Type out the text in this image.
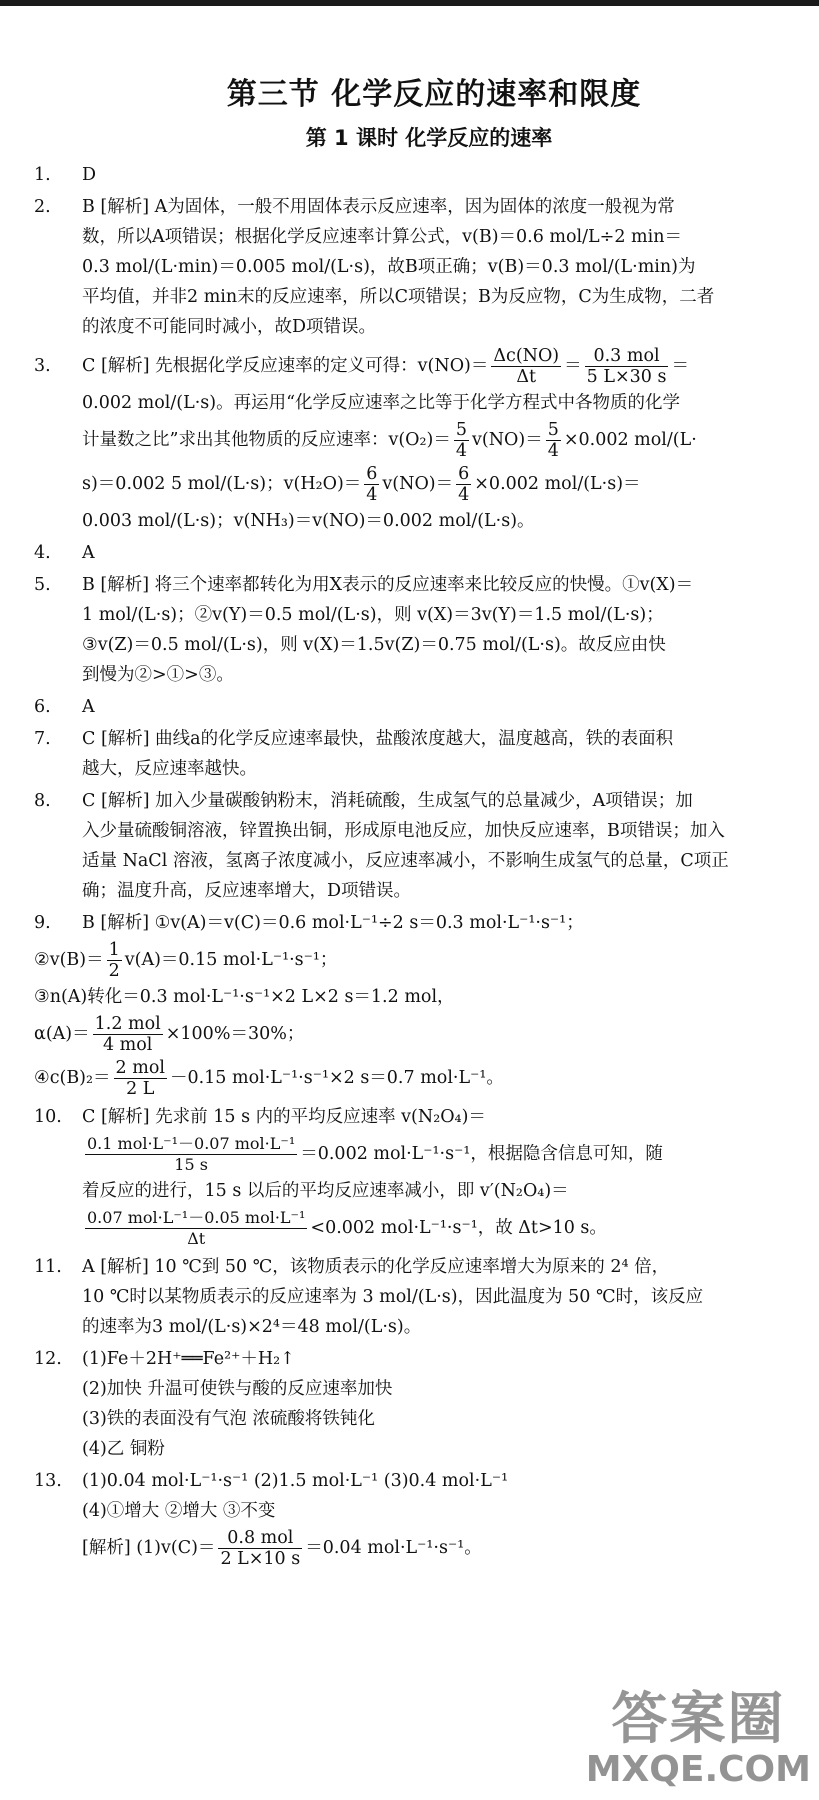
第三节 化学反应的速率和限度
第 1 课时 化学反应的速率
1.	D
2.	B [解析] A为固体，一般不用固体表示反应速率，因为固体的浓度一般视为常
数，所以A项错误；根据化学反应速率计算公式，v(B)＝0.6 mol/L÷2 min＝
0.3 mol/(L·min)＝0.005 mol/(L·s)，故B项正确；v(B)＝0.3 mol/(L·min)为
平均值，并非2 min末的反应速率，所以C项错误；B为反应物，C为生成物，二者
的浓度不可能同时减小，故D项错误。
3.	C [解析] 先根据化学反应速率的定义可得：$v(NO)= \frac{\Delta c(NO)}{\Delta t} = \frac{\text{0.3 mol}}{5 L\times 30 s}$ ＝
0.002 mol/(L·s)。再运用“化学反应速率之比等于化学方程式中各物质的化学
计量数之比”求出其他物质的反应速率：$v(O_2)= \frac{5}{4} v(NO)= \frac{5}{4} \times 0.002$ mol/(L·
s)＝0.002 5 mol/(L·s)；$v(H_2O)= \frac{6}{4} v(NO)= \frac{6}{4} \times 0.002$ mol/(L·s)＝
0.003 mol/(L·s)；v(NH₃)＝v(NO)＝0.002 mol/(L·s)。
4.	A
5.	B [解析] 将三个速率都转化为用X表示的反应速率来比较反应的快慢。①v(X)＝
1 mol/(L·s)；②v(Y)＝0.5 mol/(L·s)，则 v(X)＝3v(Y)＝1.5 mol/(L·s)；
③v(Z)＝0.5 mol/(L·s)，则 v(X)＝1.5v(Z)＝0.75 mol/(L·s)。故反应由快
到慢为②>①>③。
6.	A
7.	C [解析] 曲线a的化学反应速率最快，盐酸浓度越大，温度越高，铁的表面积
越大，反应速率越快。
8.	C [解析] 加入少量碳酸钠粉末，消耗硫酸，生成氢气的总量减少，A项错误；加
入少量硫酸铜溶液，锌置换出铜，形成原电池反应，加快反应速率，B项错误；加入
适量 NaCl 溶液，氢离子浓度减小，反应速率减小，不影响生成氢气的总量，C项正
确；温度升高，反应速率增大，D项错误。
9.	B [解析] ①v(A)＝v(C)＝0.6 mol·L⁻¹÷2 s＝0.3 mol·L⁻¹·s⁻¹；
②v(B)＝ $\frac{1}{2} v(A)=0.15$ mol·L⁻¹·s⁻¹；
③n(A)转化＝0.3 mol·L⁻¹·s⁻¹×2 L×2 s＝1.2 mol，
$\alpha(A)= \frac{\text{1.2 mol}}{\text{4 mol}} \times 100\%=30\%$；
④c(B)₂＝ $\frac{\text{2 mol}}{2 L} -0.15$ mol·L⁻¹·s⁻¹×2 s＝0.7 mol·L⁻¹。
10.	C [解析] 先求前 15 s 内的平均反应速率 v(N₂O₄)＝
$\frac{\text{0.1 mol·L⁻¹－0.07 mol·L⁻¹}}{15 s} =0.002$ mol·L⁻¹·s⁻¹，根据隐含信息可知，随
着反应的进行，15 s 以后的平均反应速率减小，即 v′(N₂O₄)＝
$\frac{\text{0.07 mol·L⁻¹－0.05 mol·L⁻¹}}{\Delta t} <0.002$ mol·L⁻¹·s⁻¹，故 Δt>10 s。
11.	A [解析] 10 ℃到 50 ℃，该物质表示的化学反应速率增大为原来的 2⁴ 倍，
10 ℃时以某物质表示的反应速率为 3 mol/(L·s)，因此温度为 50 ℃时，该反应
的速率为3 mol/(L·s)×2⁴＝48 mol/(L·s)。
12.	(1)Fe＋2H⁺══Fe²⁺＋H₂↑
(2)加快 升温可使铁与酸的反应速率加快
(3)铁的表面没有气泡 浓硫酸将铁钝化
(4)乙 铜粉
13.	(1)0.04 mol·L⁻¹·s⁻¹ (2)1.5 mol·L⁻¹ (3)0.4 mol·L⁻¹
(4)①增大 ②增大 ③不变
[解析] $(1)v(C)= \frac{\text{0.8 mol}}{2 L\times 10 s} =0.04$ mol·L⁻¹·s⁻¹。
答案圈
MXQE.COM
